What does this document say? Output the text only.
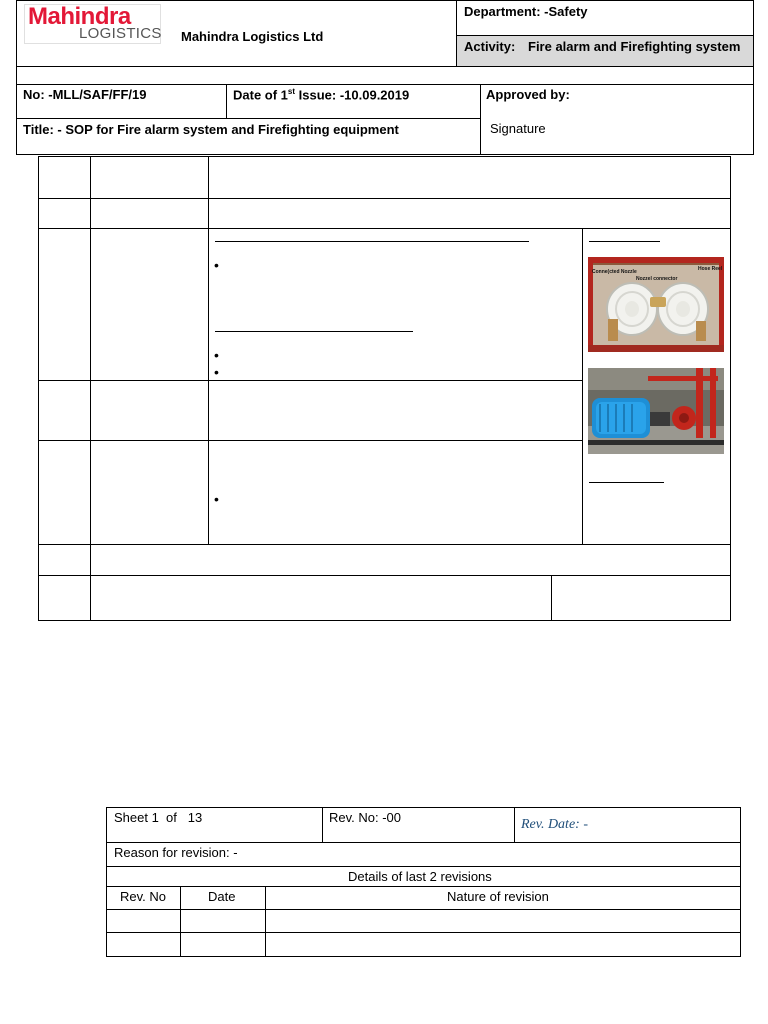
Mahindra
LOGISTICS Mahindra Logistics Ltd
Department: -Safety
Activity: Fire alarm and Firefighting system
No: -MLL/SAF/FF/19	Date of 1st Issue: -10.09.2019	Approved by:
Title: - SOP for Fire alarm system and Firefighting equipment	Signature
•
•
•
•
Conne(cted Nozzle
Nozzel connector
Hose Reel
Sheet 1  of   13	Rev. No: -00	Rev. Date: -
Reason for revision: -
Details of last 2 revisions
Rev. No	Date	Nature of revision
